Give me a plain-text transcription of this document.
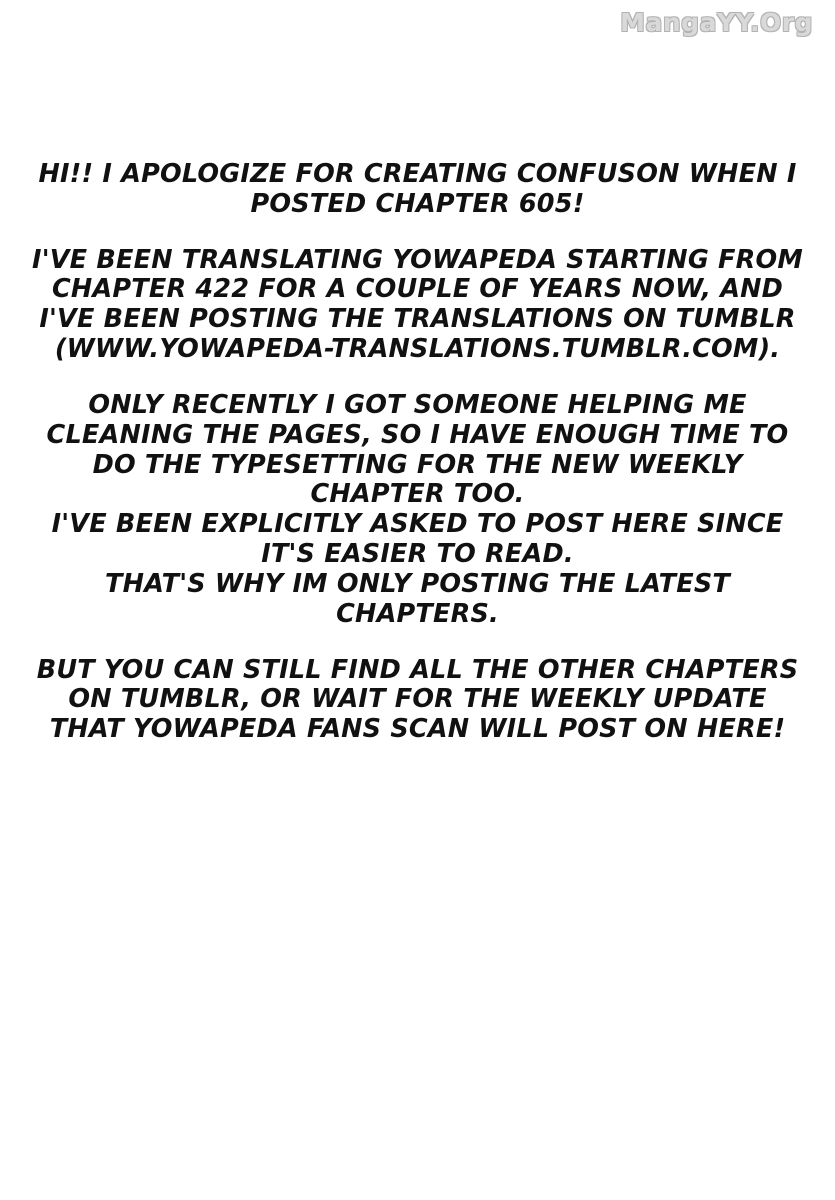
MangaYY.Org

HI!! I APOLOGIZE FOR CREATING CONFUSON WHEN I POSTED CHAPTER 605!

I'VE BEEN TRANSLATING YOWAPEDA STARTING FROM CHAPTER 422 FOR A COUPLE OF YEARS NOW, AND I'VE BEEN POSTING THE TRANSLATIONS ON TUMBLR (WWW.YOWAPEDA-TRANSLATIONS.TUMBLR.COM).

ONLY RECENTLY I GOT SOMEONE HELPING ME CLEANING THE PAGES, SO I HAVE ENOUGH TIME TO DO THE TYPESETTING FOR THE NEW WEEKLY CHAPTER TOO.

I'VE BEEN EXPLICITLY ASKED TO POST HERE SINCE IT'S EASIER TO READ.

THAT'S WHY IM ONLY POSTING THE LATEST CHAPTERS.

BUT YOU CAN STILL FIND ALL THE OTHER CHAPTERS ON TUMBLR, OR WAIT FOR THE WEEKLY UPDATE THAT YOWAPEDA FANS SCAN WILL POST ON HERE!
